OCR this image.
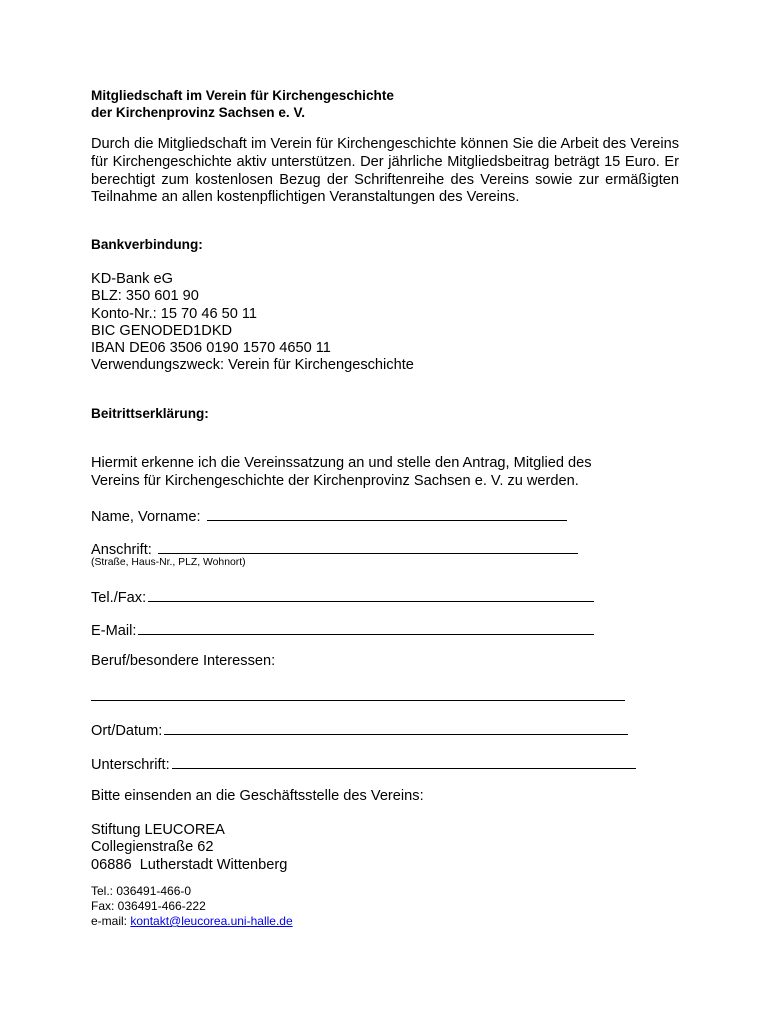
Mitgliedschaft im Verein für Kirchengeschichte
der Kirchenprovinz Sachsen e. V.
Durch die Mitgliedschaft im Verein für Kirchengeschichte können Sie die Arbeit des Vereins für Kirchengeschichte aktiv unterstützen. Der jährliche Mitgliedsbeitrag beträgt 15 Euro. Er berechtigt zum kostenlosen Bezug der Schriftenreihe des Vereins sowie zur ermäßigten Teilnahme an allen kostenpflichtigen Veranstaltungen des Vereins.
Bankverbindung:
KD-Bank eG
BLZ: 350 601 90
Konto-Nr.: 15 70 46 50 11
BIC GENODED1DKD
IBAN DE06 3506 0190 1570 4650 11
Verwendungszweck: Verein für Kirchengeschichte
Beitrittserklärung:
Hiermit erkenne ich die Vereinssatzung an und stelle den Antrag, Mitglied des
Vereins für Kirchengeschichte der Kirchenprovinz Sachsen e. V. zu werden.
Name, Vorname:
Anschrift:
(Straße, Haus-Nr., PLZ, Wohnort)
Tel./Fax:
E-Mail:
Beruf/besondere Interessen:
Ort/Datum:
Unterschrift:
Bitte einsenden an die Geschäftsstelle des Vereins:
Stiftung LEUCOREA
Collegienstraße 62
06886  Lutherstadt Wittenberg
Tel.: 036491-466-0
Fax: 036491-466-222
e-mail: kontakt@leucorea.uni-halle.de
